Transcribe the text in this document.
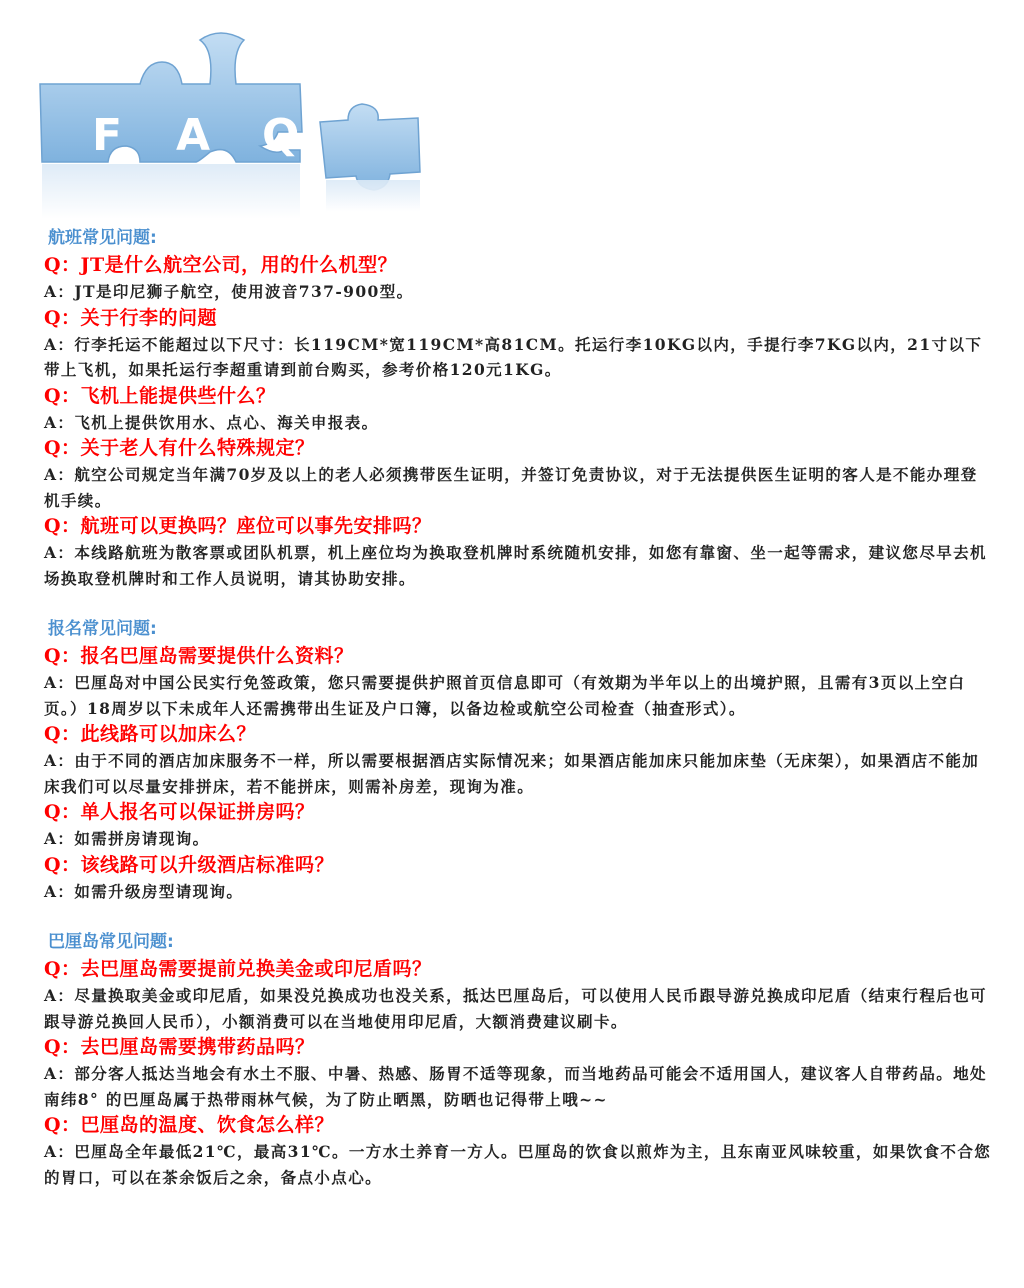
F A Q
航班常见问题:

Q：JT是什么航空公司，用的什么机型？

A：JT是印尼狮子航空，使用波音737-900型。

Q：关于行李的问题

A：行李托运不能超过以下尺寸：长119CM*宽119CM*高81CM。托运行李10KG以内，手提行李7KG以内，21寸以下带上飞机，如果托运行李超重请到前台购买，参考价格120元1KG。

Q：飞机上能提供些什么？

A：飞机上提供饮用水、点心、海关申报表。

Q：关于老人有什么特殊规定？

A：航空公司规定当年满70岁及以上的老人必须携带医生证明，并签订免责协议，对于无法提供医生证明的客人是不能办理登机手续。

Q：航班可以更换吗？座位可以事先安排吗？

A：本线路航班为散客票或团队机票，机上座位均为换取登机牌时系统随机安排，如您有靠窗、坐一起等需求，建议您尽早去机场换取登机牌时和工作人员说明，请其协助安排。

报名常见问题:

Q：报名巴厘岛需要提供什么资料？

A：巴厘岛对中国公民实行免签政策，您只需要提供护照首页信息即可（有效期为半年以上的出境护照，且需有3页以上空白页。）18周岁以下未成年人还需携带出生证及户口簿，以备边检或航空公司检查（抽查形式）。

Q：此线路可以加床么？

A：由于不同的酒店加床服务不一样，所以需要根据酒店实际情况来；如果酒店能加床只能加床垫（无床架），如果酒店不能加床我们可以尽量安排拼床，若不能拼床，则需补房差，现询为准。

Q：单人报名可以保证拼房吗？

A：如需拼房请现询。

Q：该线路可以升级酒店标准吗？

A：如需升级房型请现询。

巴厘岛常见问题:

Q：去巴厘岛需要提前兑换美金或印尼盾吗？

A：尽量换取美金或印尼盾，如果没兑换成功也没关系，抵达巴厘岛后，可以使用人民币跟导游兑换成印尼盾（结束行程后也可跟导游兑换回人民币），小额消费可以在当地使用印尼盾，大额消费建议刷卡。

Q：去巴厘岛需要携带药品吗？

A：部分客人抵达当地会有水土不服、中暑、热感、肠胃不适等现象，而当地药品可能会不适用国人，建议客人自带药品。地处南纬8° 的巴厘岛属于热带雨林气候，为了防止晒黑，防晒也记得带上哦~~

Q：巴厘岛的温度、饮食怎么样？

A：巴厘岛全年最低21℃，最高31℃。一方水土养育一方人。巴厘岛的饮食以煎炸为主，且东南亚风味较重，如果饮食不合您的胃口，可以在茶余饭后之余，备点小点心。
